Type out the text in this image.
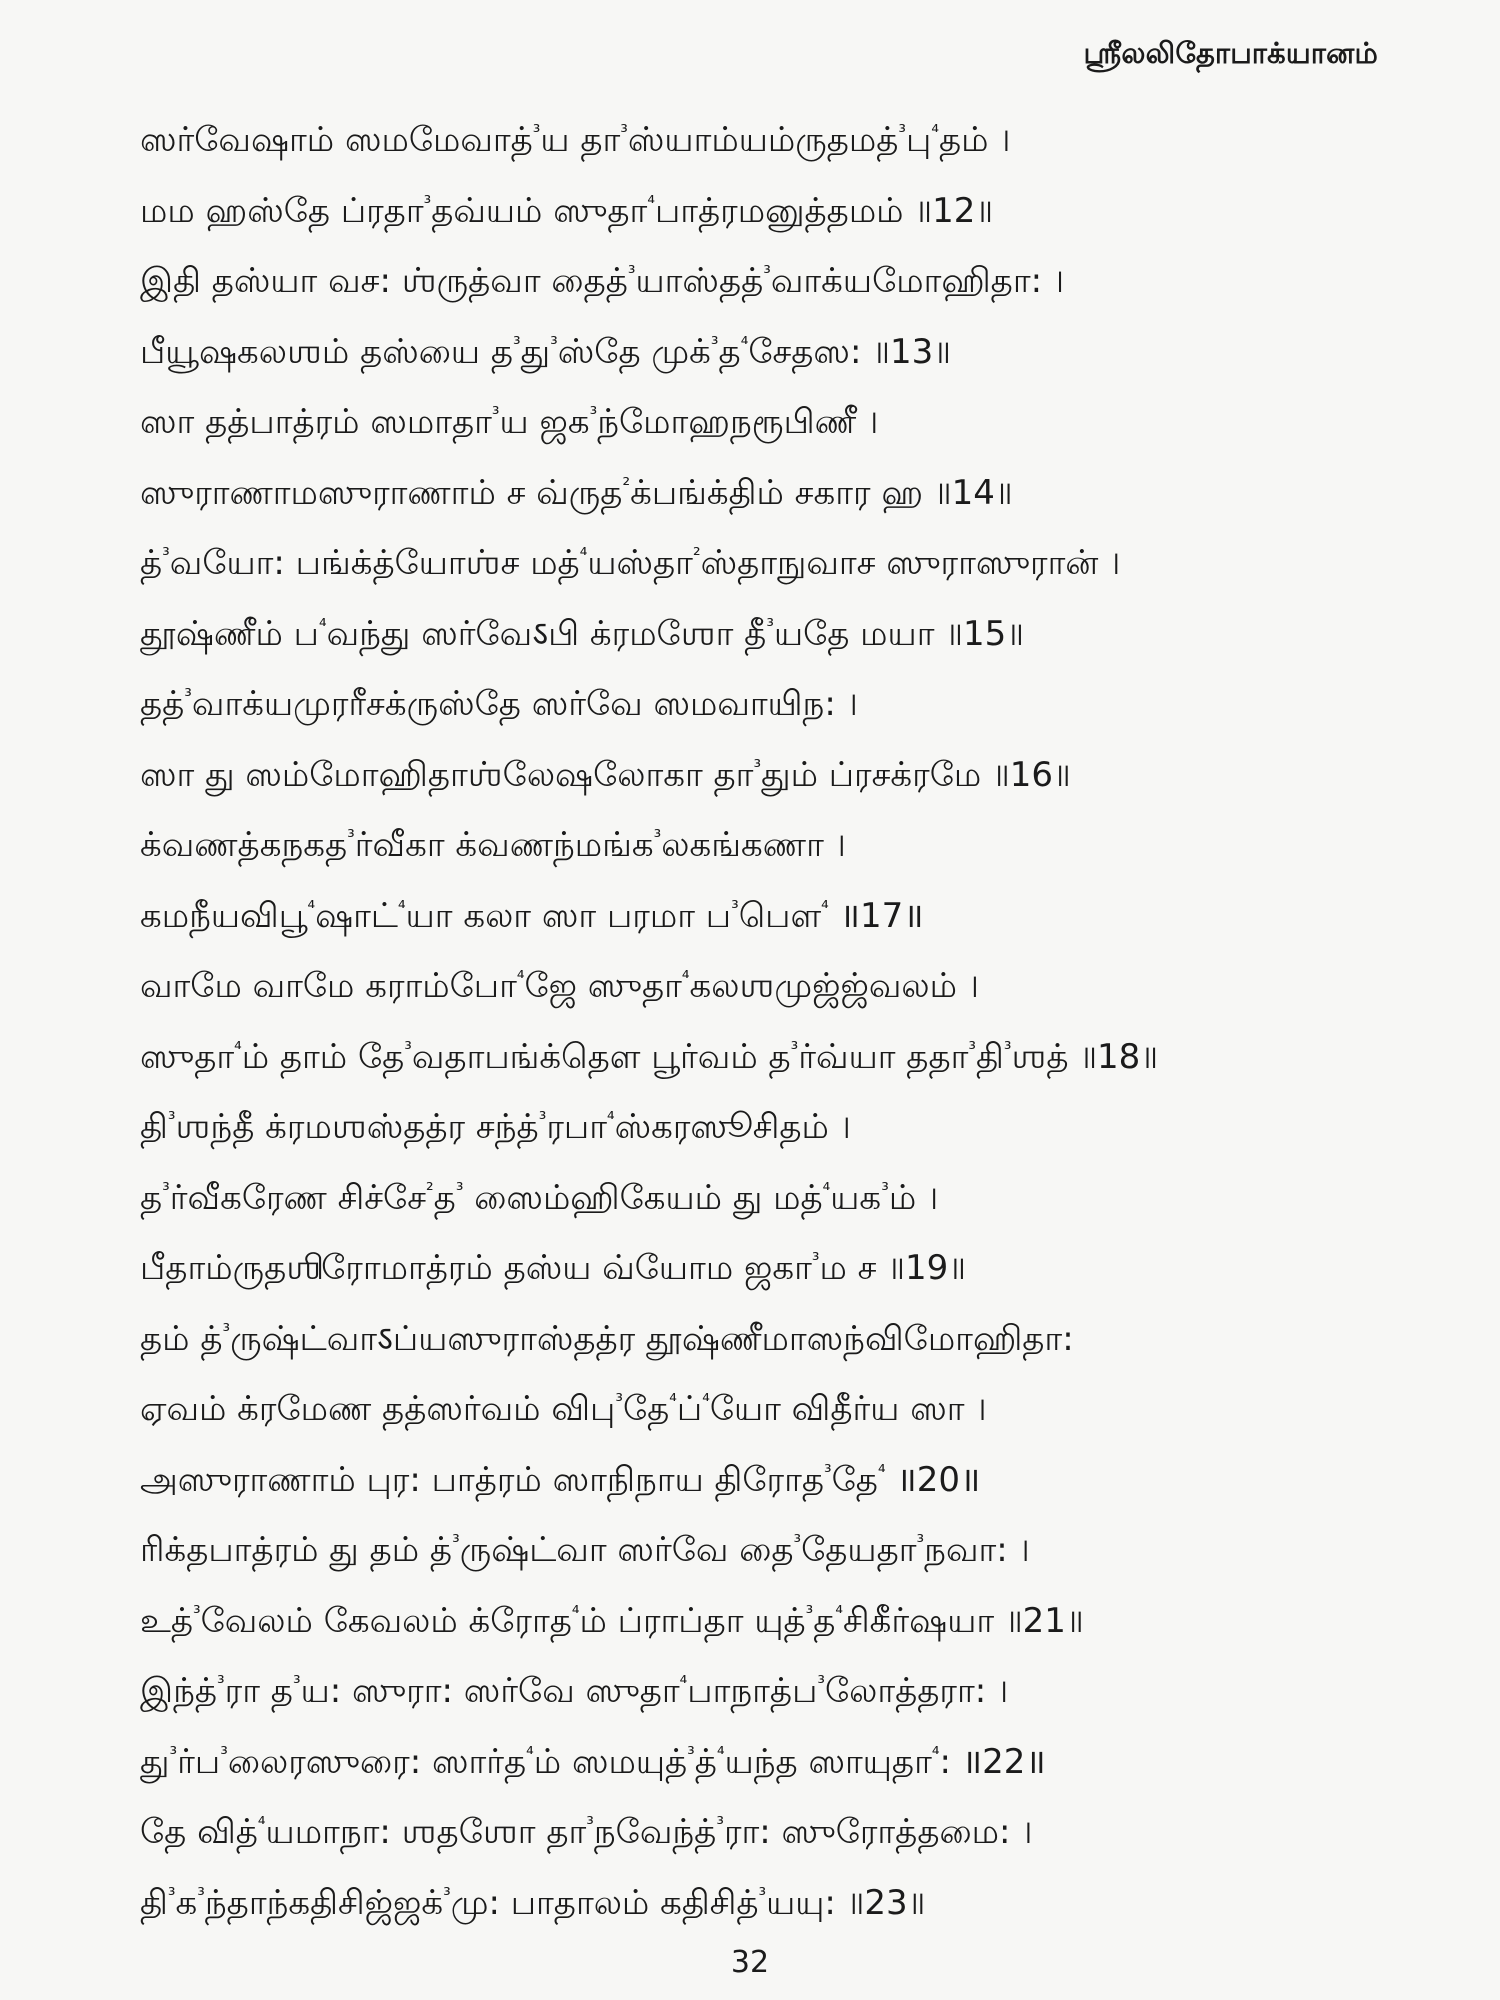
ஸ்ரீலலிதோபாக்யானம்
ஸர்வேஷாம் ஸமமேவாத்$^{^3}$ய தா$^{^3}$ஸ்யாம்யம்ருதமத்$^{^3}$பு$^{^4}$தம் ।
மம ஹஸ்தே ப்ரதா$^{^3}$தவ்யம் ஸுதா$^{^4}$பாத்ரமனுத்தமம் ॥12॥
இதி தஸ்யா வச: ஶ்ருத்வா தைத்$^{^3}$யாஸ்தத்$^{^3}$வாக்யமோஹிதா: ।
பீயூஷகலஶம் தஸ்யை த$^{^3}$து$^{^3}$ஸ்தே முக்$^{^3}$த$^{^4}$சேதஸ: ॥13॥
ஸா தத்பாத்ரம் ஸமாதா$^{^3}$ய ஜக$^{^3}$ந்மோஹநரூபிணீ ।
ஸுராணாமஸுராணாம் ச வ்ருத$^{^2}$க்பங்க்திம் சகார ஹ ॥14॥
த்$^{^3}$வயோ: பங்க்த்யோஶ்ச மத்$^{^4}$யஸ்தா$^{^2}$ஸ்தாநுவாச ஸுராஸுரான் ।
தூஷ்ணீம் ப$^{^4}$வந்து ஸர்வேऽபி க்ரமஶோ தீ$^{^3}$யதே மயா ॥15॥
தத்$^{^3}$வாக்யமுரரீசக்ருஸ்தே ஸர்வே ஸமவாயிந: ।
ஸா து ஸம்மோஹிதாஶ்லேஷலோகா தா$^{^3}$தும் ப்ரசக்ரமே ॥16॥
க்வணத்கநகத$^{^3}$ர்வீகா க்வணந்மங்க$^{^3}$லகங்கணா ।
கமநீயவிபூ$^{^4}$ஷாட்$^{^4}$யா கலா ஸா பரமா ப$^{^3}$பௌ$^{^4}$ ॥17॥
வாமே வாமே கராம்போ$^{^4}$ஜே ஸுதா$^{^4}$கலஶமுஜ்ஜ்வலம் ।
ஸுதா$^{^4}$ம் தாம் தே$^{^3}$வதாபங்க்தௌ பூர்வம் த$^{^3}$ர்வ்யா ததா$^{^3}$தி$^{^3}$ஶத் ॥18॥
தி$^{^3}$ஶந்தீ க்ரமஶஸ்தத்ர சந்த்$^{^3}$ரபா$^{^4}$ஸ்கரஸூசிதம் ।
த$^{^3}$ர்வீகரேண சிச்சே$^{^2}$த$^{^3}$ ஸைம்ஹிகேயம் து மத்$^{^4}$யக$^{^3}$ம் ।
பீதாம்ருதஶிரோமாத்ரம் தஸ்ய வ்யோம ஜகா$^{^3}$ம ச ॥19॥
தம் த்$^{^3}$ருஷ்ட்வாऽப்யஸுராஸ்தத்ர தூஷ்ணீமாஸந்விமோஹிதா:
ஏவம் க்ரமேண தத்ஸர்வம் விபு$^{^3}$தே$^{^4}$ப்$^{^4}$யோ விதீர்ய ஸா ।
அஸுராணாம் புர: பாத்ரம் ஸாநிநாய திரோத$^{^3}$தே$^{^4}$ ॥20॥
ரிக்தபாத்ரம் து தம் த்$^{^3}$ருஷ்ட்வா ஸர்வே தை$^{^3}$தேயதா$^{^3}$நவா: ।
உத்$^{^3}$வேலம் கேவலம் க்ரோத$^{^4}$ம் ப்ராப்தா யுத்$^{^3}$த$^{^4}$சிகீர்ஷயா ॥21॥
இந்த்$^{^3}$ரா த$^{^3}$ய: ஸுரா: ஸர்வே ஸுதா$^{^4}$பாநாத்ப$^{^3}$லோத்தரா: ।
து$^{^3}$ர்ப$^{^3}$லைரஸுரை: ஸார்த$^{^4}$ம் ஸமயுத்$^{^3}$த்$^{^4}$யந்த ஸாயுதா$^{^4}$: ॥22॥
தே வித்$^{^4}$யமாநா: ஶதஶோ தா$^{^3}$நவேந்த்$^{^3}$ரா: ஸுரோத்தமை: ।
தி$^{^3}$க$^{^3}$ந்தாந்கதிசிஜ்ஜக்$^{^3}$மு: பாதாலம் கதிசித்$^{^3}$யயு: ॥23॥
32
